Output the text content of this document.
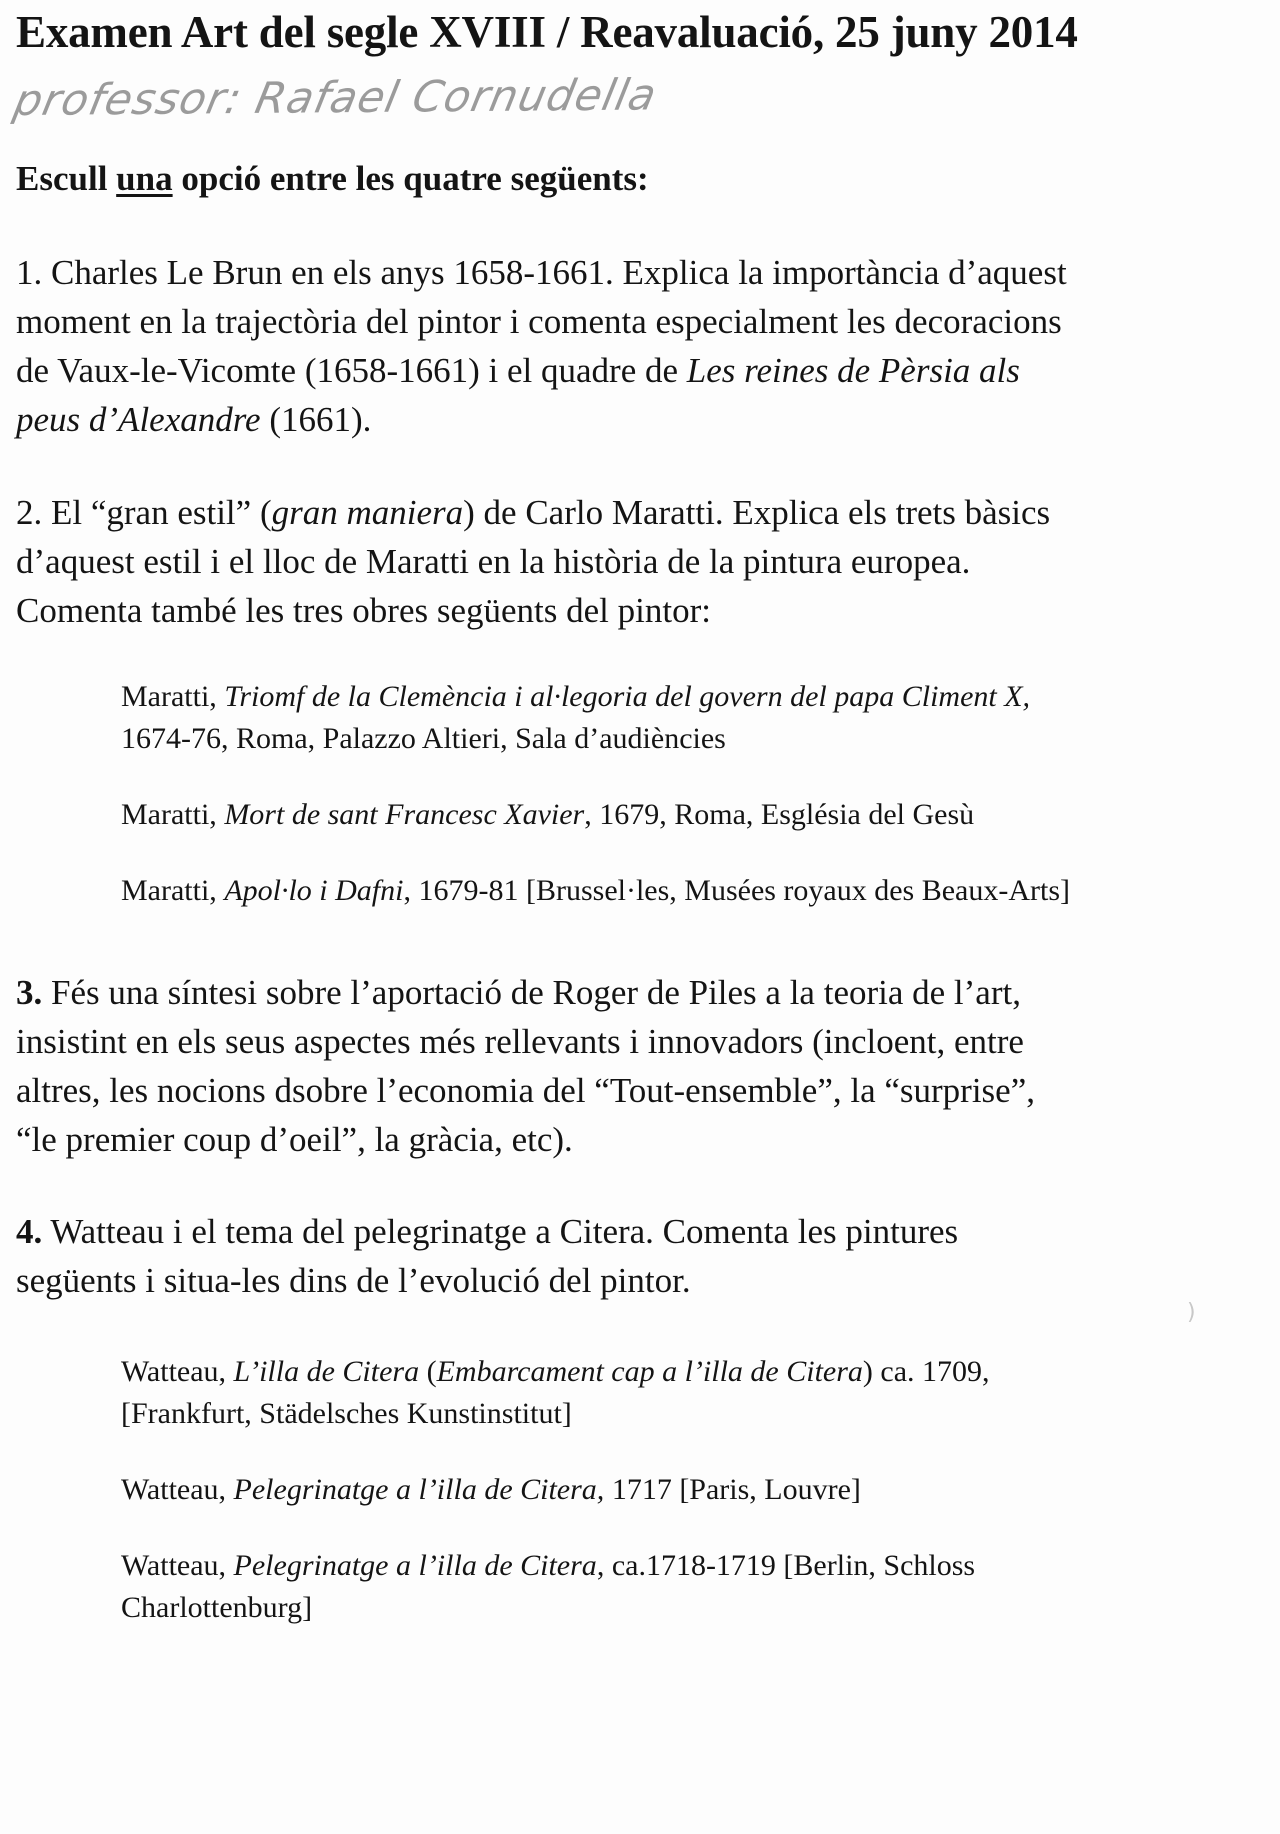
Examen Art del segle XVIII / Reavaluació, 25 juny 2014
professor: Rafael Cornudella

Escull una opció entre les quatre següents:

1. Charles Le Brun en els anys 1658-1661. Explica la importància d’aquest
moment en la trajectòria del pintor i comenta especialment les decoracions
de Vaux-le-Vicomte (1658-1661) i el quadre de Les reines de Pèrsia als
peus d’Alexandre (1661).
2. El “gran estil” (gran maniera) de Carlo Maratti. Explica els trets bàsics
d’aquest estil i el lloc de Maratti en la història de la pintura europea.
Comenta també les tres obres següents del pintor:
Maratti, Triomf de la Clemència i al·legoria del govern del papa Climent X,
1674-76, Roma, Palazzo Altieri, Sala d’audiències
Maratti, Mort de sant Francesc Xavier, 1679, Roma, Església del Gesù
Maratti, Apol·lo i Dafni, 1679-81 [Brussel·les, Musées royaux des Beaux-Arts]
3. Fés una síntesi sobre l’aportació de Roger de Piles a la teoria de l’art,
insistint en els seus aspectes més rellevants i innovadors (incloent, entre
altres, les nocions dsobre l’economia del “Tout-ensemble”, la “surprise”,
“le premier coup d’oeil”, la gràcia, etc).
4. Watteau i el tema del pelegrinatge a Citera. Comenta les pintures
següents i situa-les dins de l’evolució del pintor.
Watteau, L’illa de Citera (Embarcament cap a l’illa de Citera) ca. 1709,
[Frankfurt, Städelsches Kunstinstitut]
Watteau, Pelegrinatge a l’illa de Citera, 1717 [Paris, Louvre]
Watteau, Pelegrinatge a l’illa de Citera, ca.1718-1719 [Berlin, Schloss
Charlottenburg]
)
